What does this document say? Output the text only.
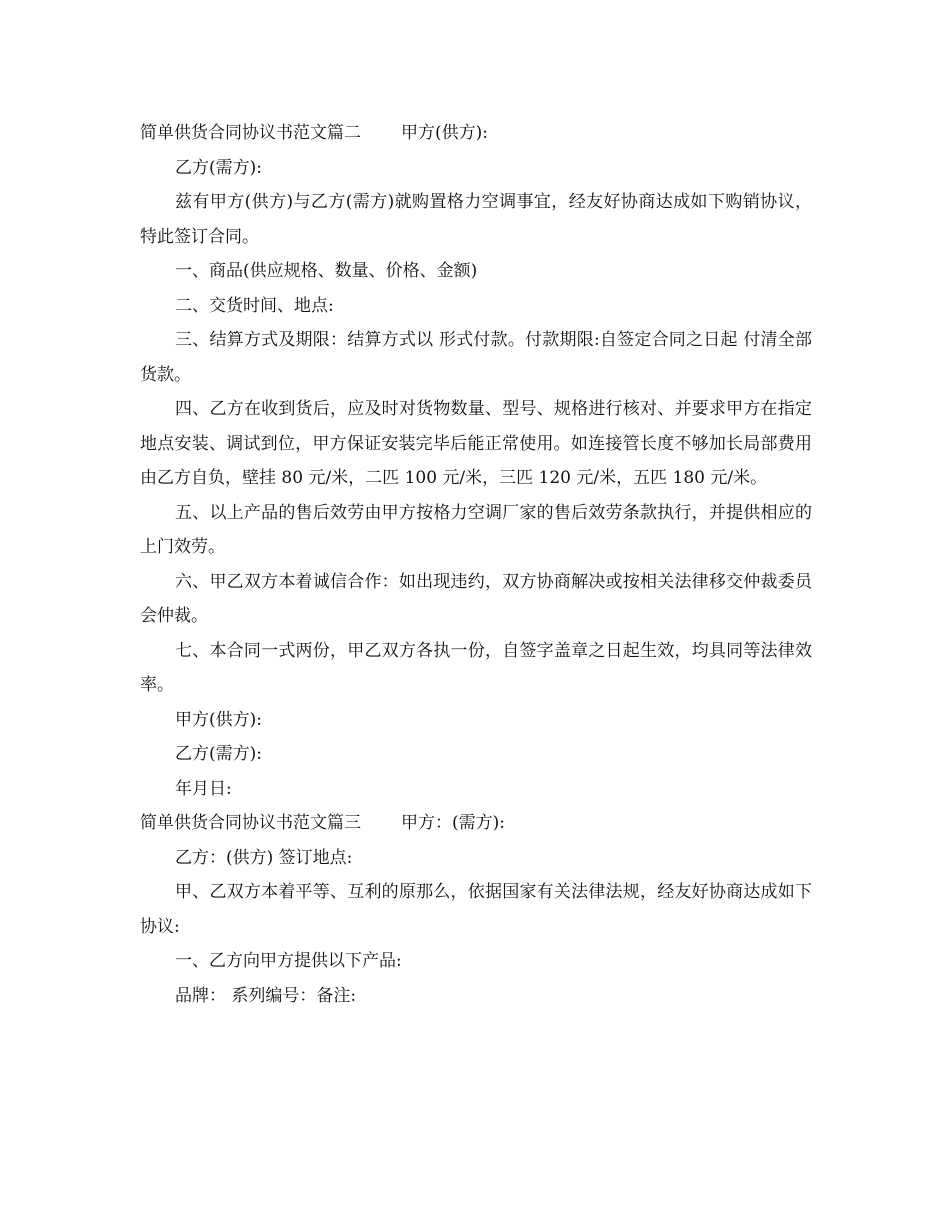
简单供货合同协议书范文篇二 甲方(供方):

乙方(需方):

兹有甲方(供方)与乙方(需方)就购置格力空调事宜，经友好协商达成如下购销协议，特此签订合同。

一、商品(供应规格、数量、价格、金额)

二、交货时间、地点:

三、结算方式及期限：结算方式以 形式付款。付款期限:自签定合同之日起 付清全部货款。

四、乙方在收到货后，应及时对货物数量、型号、规格进行核对、并要求甲方在指定地点安装、调试到位，甲方保证安装完毕后能正常使用。如连接管长度不够加长局部费用由乙方自负，壁挂 80 元/米，二匹 100 元/米，三匹 120 元/米，五匹 180 元/米。

五、以上产品的售后效劳由甲方按格力空调厂家的售后效劳条款执行，并提供相应的上门效劳。

六、甲乙双方本着诚信合作：如出现违约，双方协商解决或按相关法律移交仲裁委员会仲裁。

七、本合同一式两份，甲乙双方各执一份，自签字盖章之日起生效，均具同等法律效率。

甲方(供方):

乙方(需方):

年月日:

简单供货合同协议书范文篇三 甲方：(需方):

乙方：(供方) 签订地点:

甲、乙双方本着平等、互利的原那么，依据国家有关法律法规，经友好协商达成如下协议:

一、乙方向甲方提供以下产品:

品牌： 系列编号：备注:
